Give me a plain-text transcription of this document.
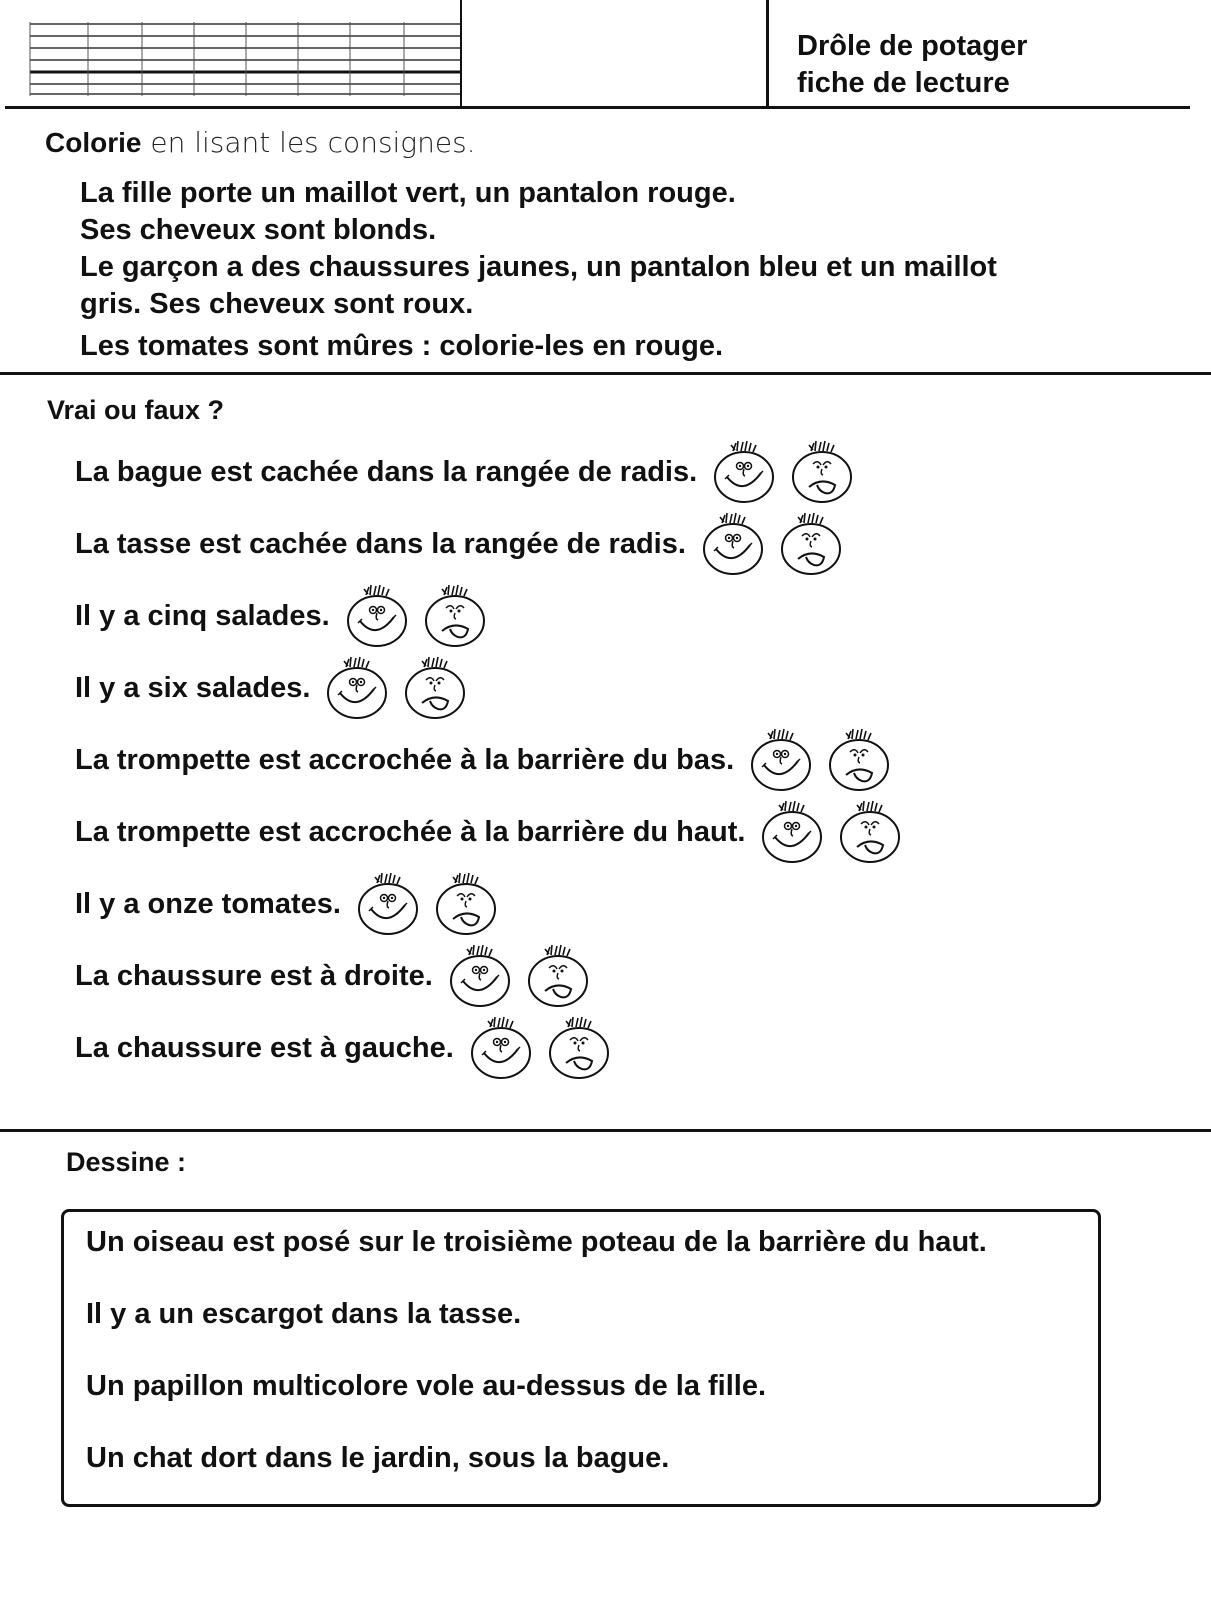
Drôle de potager
fiche de lecture
Colorie en lisant les consignes.
La fille porte un maillot vert, un pantalon rouge.
Ses cheveux sont blonds.
Le garçon a des chaussures jaunes, un pantalon bleu et un maillot
gris. Ses cheveux sont roux.
Les tomates sont mûres : colorie-les en rouge.
Vrai ou faux ?
La bague est cachée dans la rangée de radis.
La tasse est cachée dans la rangée de radis.
Il y a cinq salades.
Il y a six salades.
La trompette est accrochée à la barrière du bas.
La trompette est accrochée à la barrière du haut.
Il y a onze tomates.
La chaussure est à droite.
La chaussure est à gauche.
Dessine :
Un oiseau est posé sur le troisième poteau de la barrière du haut.
Il y a un escargot dans la tasse.
Un papillon multicolore vole au-dessus de la fille.
Un chat dort dans le jardin, sous la bague.
